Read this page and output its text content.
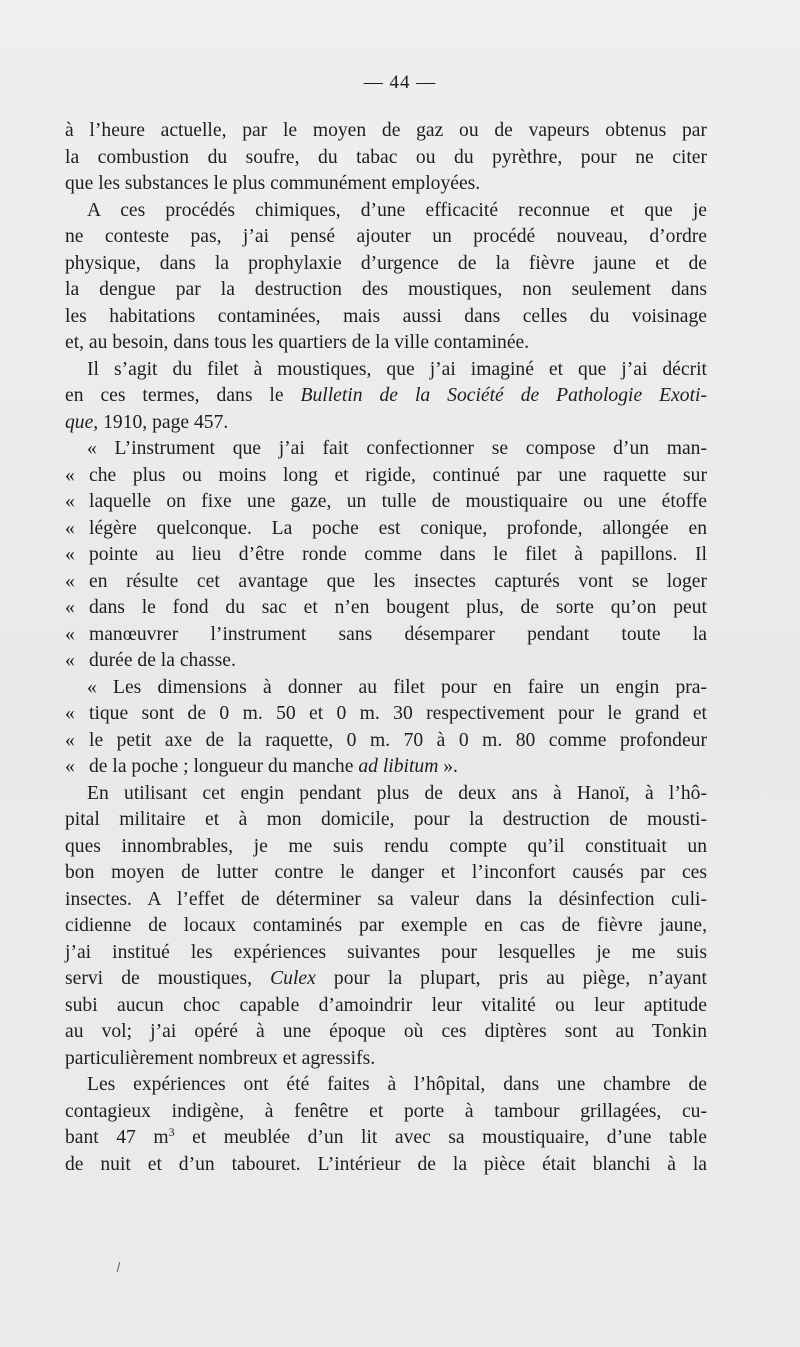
— 44 —
à l’heure actuelle, par le moyen de gaz ou de vapeurs obtenus par
la combustion du soufre, du tabac ou du pyrèthre, pour ne citer
que les substances le plus communément employées.
A ces procédés chimiques, d’une efficacité reconnue et que je
ne conteste pas, j’ai pensé ajouter un procédé nouveau, d’ordre
physique, dans la prophylaxie d’urgence de la fièvre jaune et de
la dengue par la destruction des moustiques, non seulement dans
les habitations contaminées, mais aussi dans celles du voisinage
et, au besoin, dans tous les quartiers de la ville contaminée.
Il s’agit du filet à moustiques, que j’ai imaginé et que j’ai décrit
en ces termes, dans le Bulletin de la Société de Pathologie Exoti-
que, 1910, page 457.
« L’instrument que j’ai fait confectionner se compose d’un man-
« che plus ou moins long et rigide, continué par une raquette sur
« laquelle on fixe une gaze, un tulle de moustiquaire ou une étoffe
« légère quelconque. La poche est conique, profonde, allongée en
« pointe au lieu d’être ronde comme dans le filet à papillons. Il
« en résulte cet avantage que les insectes capturés vont se loger
« dans le fond du sac et n’en bougent plus, de sorte qu’on peut
« manœuvrer l’instrument sans désemparer pendant toute la
« durée de la chasse.
« Les dimensions à donner au filet pour en faire un engin pra-
« tique sont de 0 m. 50 et 0 m. 30 respectivement pour le grand et
« le petit axe de la raquette, 0 m. 70 à 0 m. 80 comme profondeur
« de la poche ; longueur du manche ad libitum ».
En utilisant cet engin pendant plus de deux ans à Hanoï, à l’hô-
pital militaire et à mon domicile, pour la destruction de mousti-
ques innombrables, je me suis rendu compte qu’il constituait un
bon moyen de lutter contre le danger et l’inconfort causés par ces
insectes. A l’effet de déterminer sa valeur dans la désinfection culi-
cidienne de locaux contaminés par exemple en cas de fièvre jaune,
j’ai institué les expériences suivantes pour lesquelles je me suis
servi de moustiques, Culex pour la plupart, pris au piège, n’ayant
subi aucun choc capable d’amoindrir leur vitalité ou leur aptitude
au vol; j’ai opéré à une époque où ces diptères sont au Tonkin
particulièrement nombreux et agressifs.
Les expériences ont été faites à l’hôpital, dans une chambre de
contagieux indigène, à fenêtre et porte à tambour grillagées, cu-
bant 47 $m^3$ et meublée d’un lit avec sa moustiquaire, d’une table
de nuit et d’un tabouret. L’intérieur de la pièce était blanchi à la
